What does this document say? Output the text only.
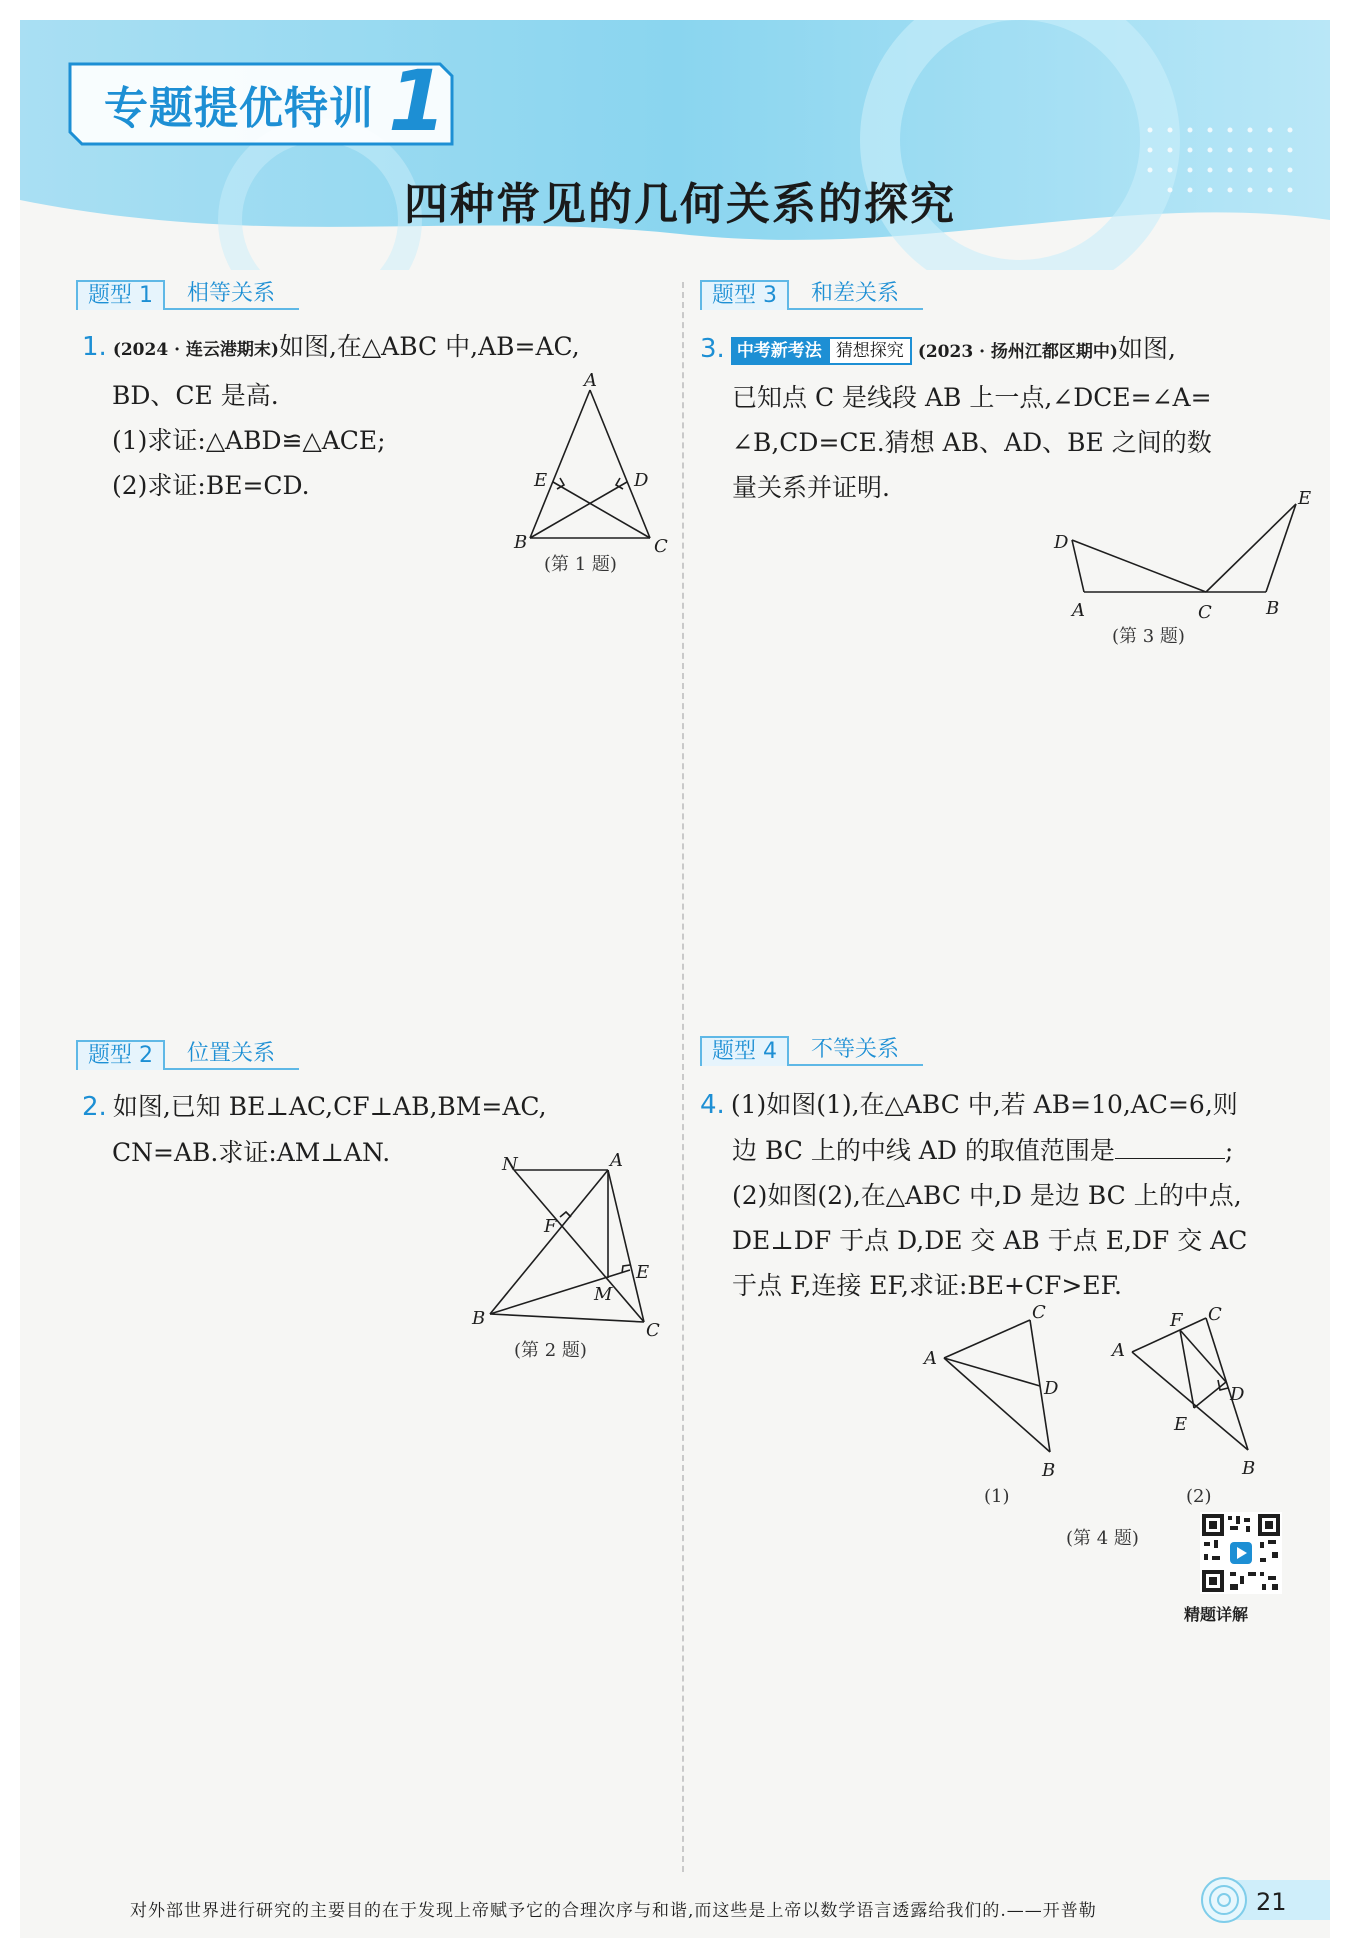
专题提优特训 1
四种常见的几何关系的探究
题型 1	相等关系
1. (2024 · 连云港期末)如图,在△ABC 中,AB=AC,
BD、CE 是高.
(1)求证:△ABD≌△ACE;
(2)求证:BE=CD.
A
B	C
D
E
(第 1 题)
题型 2	位置关系
2. 如图,已知 BE⊥AC,CF⊥AB,BM=AC,
CN=AB.求证:AM⊥AN.	N	A
F
E
M
B
C
(第 2 题)
题型 3	和差关系
3. 中考新考法 猜想探究 (2023 · 扬州江都区期中)如图,
已知点 C 是线段 AB 上一点,∠DCE=∠A=
∠B,CD=CE.猜想 AB、AD、BE 之间的数
量关系并证明.
D
E
A	C	B
(第 3 题)
题型 4	不等关系
4. (1)如图(1),在△ABC 中,若 AB=10,AC=6,则
边 BC 上的中线 AD 的取值范围是	;
(2)如图(2),在△ABC 中,D 是边 BC 上的中点,
DE⊥DF 于点 D,DE 交 AB 于点 E,DF 交 AC
于点 F,连接 EF,求证:BE+CF>EF.
A
C
D
B
(1)
A
F C
D
E
B
(2)
(第 4 题)
精题详解
对外部世界进行研究的主要目的在于发现上帝赋予它的合理次序与和谐,而这些是上帝以数学语言透露给我们的.——开普勒	21
